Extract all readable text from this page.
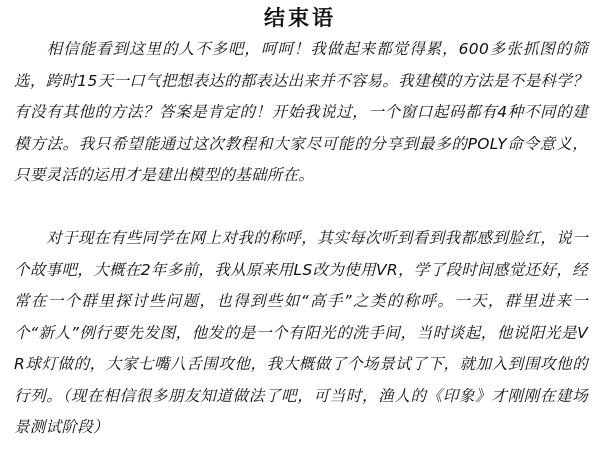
结束语
相信能看到这里的人不多吧，呵呵！我做起来都觉得累，600多张抓图的筛选，跨时15天一口气把想表达的都表达出来并不容易。我建模的方法是不是科学？有没有其他的方法？答案是肯定的！开始我说过，一个窗口起码都有4种不同的建模方法。我只希望能通过这次教程和大家尽可能的分享到最多的POLY命令意义，只要灵活的运用才是建出模型的基础所在。
对于现在有些同学在网上对我的称呼，其实每次听到看到我都感到脸红，说一个故事吧，大概在2年多前，我从原来用LS改为使用VR，学了段时间感觉还好，经常在一个群里探讨些问题，也得到些如“高手”之类的称呼。一天，群里进来一个“新人”例行要先发图，他发的是一个有阳光的洗手间，当时谈起，他说阳光是VR球灯做的，大家七嘴八舌围攻他，我大概做了个场景试了下，就加入到围攻他的行列。（现在相信很多朋友知道做法了吧，可当时，渔人的《印象》才刚刚在建场景测试阶段）
